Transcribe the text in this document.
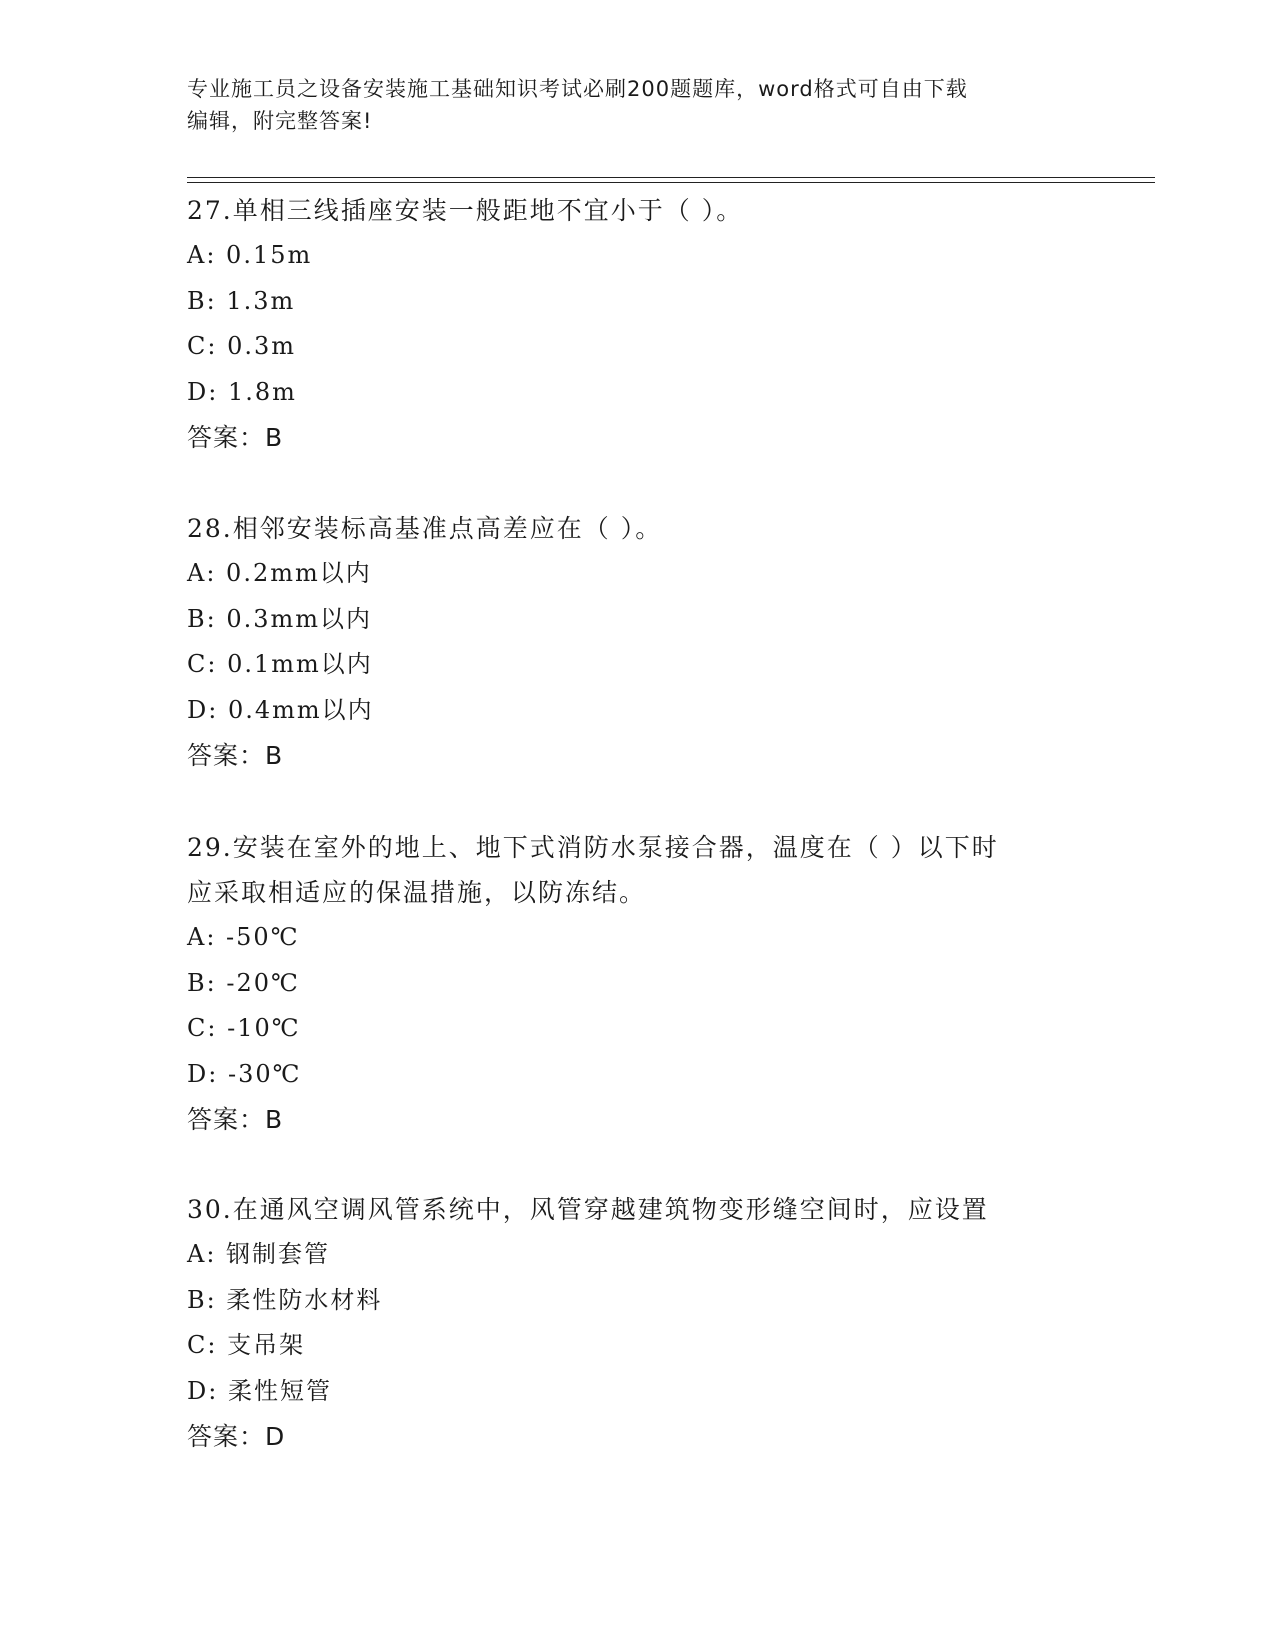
专业施工员之设备安装施工基础知识考试必刷200题题库，word格式可自由下载
编辑，附完整答案!
27.单相三线插座安装一般距地不宜小于（ ）。
A: 0.15m
B: 1.3m
C: 0.3m
D: 1.8m
答案：B
28.相邻安装标高基准点高差应在（ ）。
A: 0.2mm以内
B: 0.3mm以内
C: 0.1mm以内
D: 0.4mm以内
答案：B
29.安装在室外的地上、地下式消防水泵接合器，温度在（ ）以下时
应采取相适应的保温措施，以防冻结。
A: -50℃
B: -20℃
C: -10℃
D: -30℃
答案：B
30.在通风空调风管系统中，风管穿越建筑物变形缝空间时，应设置
A: 钢制套管
B: 柔性防水材料
C: 支吊架
D: 柔性短管
答案：D
